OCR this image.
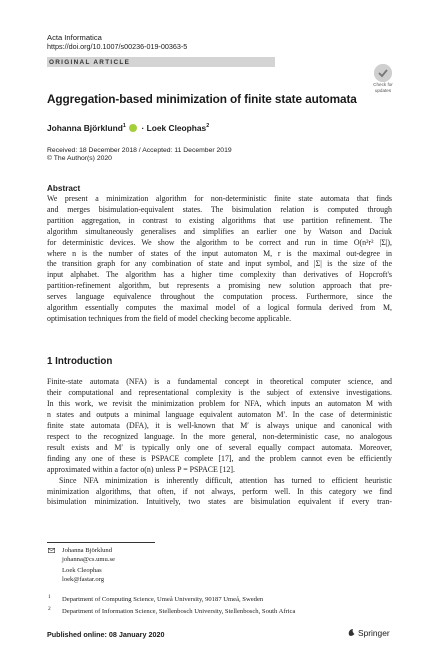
Acta Informatica
https://doi.org/10.1007/s00236-019-00363-5
ORIGINAL ARTICLE
Check for
updates
Aggregation-based minimization of finite state automata
Johanna Björklund$^1$  · Loek Cleophas$^2$
Received: 18 December 2018 / Accepted: 11 December 2019
© The Author(s) 2020
Abstract
We present a minimization algorithm for non-deterministic finite state automata that finds
and merges bisimulation-equivalent states. The bisimulation relation is computed through
partition aggregation, in contrast to existing algorithms that use partition refinement. The
algorithm simultaneously generalises and simplifies an earlier one by Watson and Daciuk
for deterministic devices. We show the algorithm to be correct and run in time O(n²r² |Σ|),
where n is the number of states of the input automaton M, r is the maximal out-degree in
the transition graph for any combination of state and input symbol, and |Σ| is the size of the
input alphabet. The algorithm has a higher time complexity than derivatives of Hopcroft's
partition-refinement algorithm, but represents a promising new solution approach that pre-
serves language equivalence throughout the computation process. Furthermore, since the
algorithm essentially computes the maximal model of a logical formula derived from M,
optimisation techniques from the field of model checking become applicable.
1 Introduction
Finite-state automata (NFA) is a fundamental concept in theoretical computer science, and
their computational and representational complexity is the subject of extensive investigations.
In this work, we revisit the minimization problem for NFA, which inputs an automaton M with
n states and outputs a minimal language equivalent automaton M′. In the case of deterministic
finite state automata (DFA), it is well-known that M′ is always unique and canonical with
respect to the recognized language. In the more general, non-deterministic case, no analogous
result exists and M′ is typically only one of several equally compact automata. Moreover,
finding any one of these is PSPACE complete [17], and the problem cannot even be efficiently
approximated within a factor o(n) unless P = PSPACE [12].
Since NFA minimization is inherently difficult, attention has turned to efficient heuristic
minimization algorithms, that often, if not always, perform well. In this category we find
bisimulation minimization. Intuitively, two states are bisimulation equivalent if every tran-
Johanna Björklund
johanna@cs.umu.se
Loek Cleophas
loek@fastar.org
1 Department of Computing Science, Umeå University, 90187 Umeå, Sweden
2 Department of Information Science, Stellenbosch University, Stellenbosch, South Africa
Published online: 08 January 2020	Springer
